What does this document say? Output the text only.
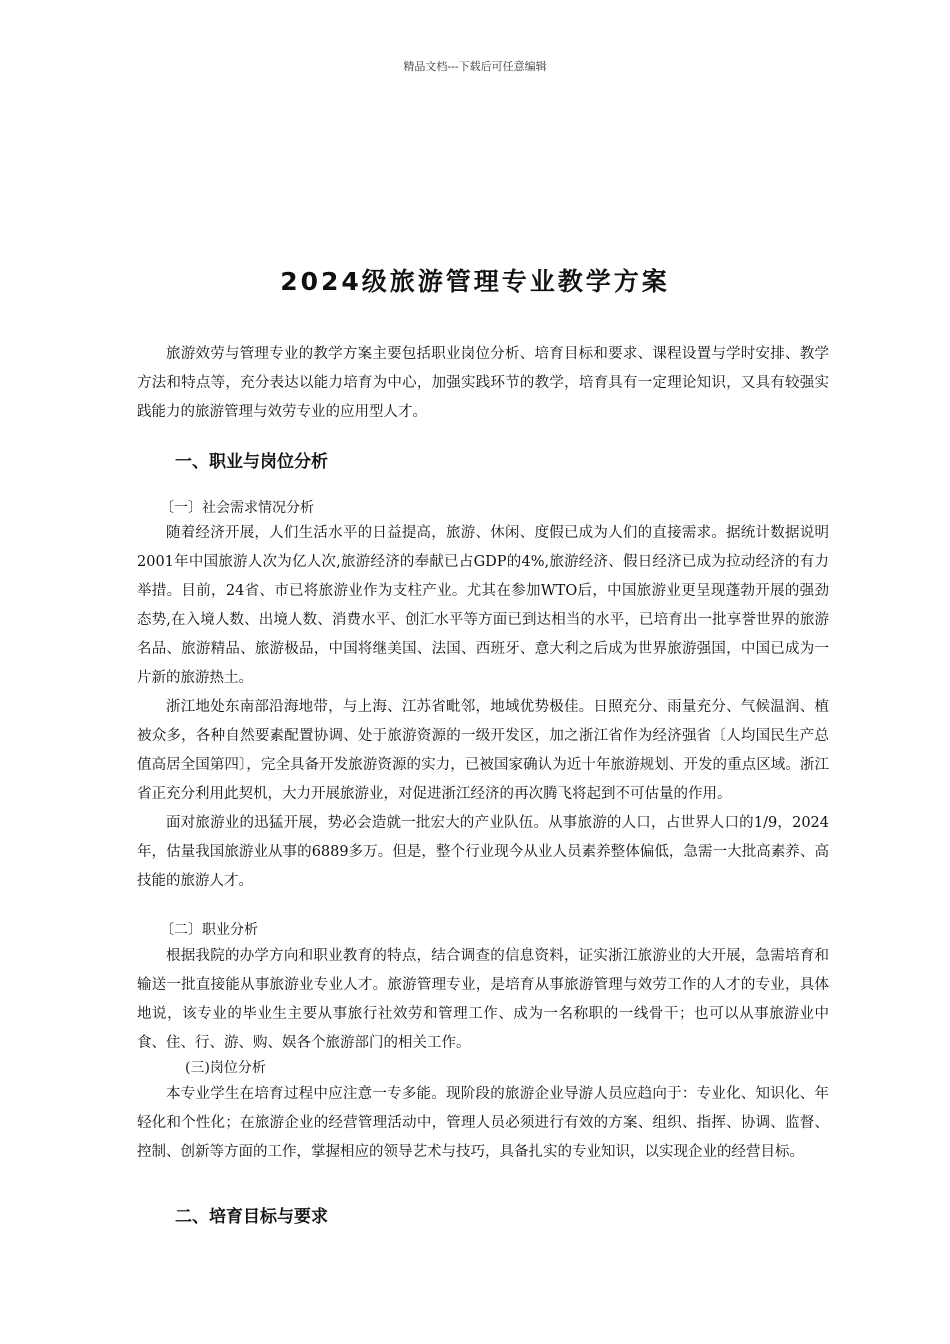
精品文档---下载后可任意编辑
2024级旅游管理专业教学方案

旅游效劳与管理专业的教学方案主要包括职业岗位分析、培育目标和要求、课程设置与学时安排、教学方法和特点等，充分表达以能力培育为中心，加强实践环节的教学，培育具有一定理论知识，又具有较强实践能力的旅游管理与效劳专业的应用型人才。

一、职业与岗位分析
〔一〕社会需求情况分析

随着经济开展，人们生活水平的日益提高，旅游、休闲、度假已成为人们的直接需求。据统计数据说明2001年中国旅游人次为亿人次,旅游经济的奉献已占GDP的4%,旅游经济、假日经济已成为拉动经济的有力举措。目前，24省、市已将旅游业作为支柱产业。尤其在参加WTO后，中国旅游业更呈现蓬勃开展的强劲态势,在入境人数、出境人数、消费水平、创汇水平等方面已到达相当的水平，已培育出一批享誉世界的旅游名品、旅游精品、旅游极品，中国将继美国、法国、西班牙、意大利之后成为世界旅游强国，中国已成为一片新的旅游热土。

浙江地处东南部沿海地带，与上海、江苏省毗邻，地域优势极佳。日照充分、雨量充分、气候温润、植被众多，各种自然要素配置协调、处于旅游资源的一级开发区，加之浙江省作为经济强省〔人均国民生产总值高居全国第四〕，完全具备开发旅游资源的实力，已被国家确认为近十年旅游规划、开发的重点区域。浙江省正充分利用此契机，大力开展旅游业，对促进浙江经济的再次腾飞将起到不可估量的作用。

面对旅游业的迅猛开展，势必会造就一批宏大的产业队伍。从事旅游的人口，占世界人口的1/9，2024年，估量我国旅游业从事的6889多万。但是，整个行业现今从业人员素养整体偏低，急需一大批高素养、高技能的旅游人才。

〔二〕职业分析

根据我院的办学方向和职业教育的特点，结合调查的信息资料，证实浙江旅游业的大开展，急需培育和输送一批直接能从事旅游业专业人才。旅游管理专业，是培育从事旅游管理与效劳工作的人才的专业，具体地说，该专业的毕业生主要从事旅行社效劳和管理工作、成为一名称职的一线骨干；也可以从事旅游业中食、住、行、游、购、娱各个旅游部门的相关工作。

(三)岗位分析

本专业学生在培育过程中应注意一专多能。现阶段的旅游企业导游人员应趋向于：专业化、知识化、年轻化和个性化；在旅游企业的经营管理活动中，管理人员必须进行有效的方案、组织、指挥、协调、监督、控制、创新等方面的工作，掌握相应的领导艺术与技巧，具备扎实的专业知识，以实现企业的经营目标。

二、培育目标与要求
